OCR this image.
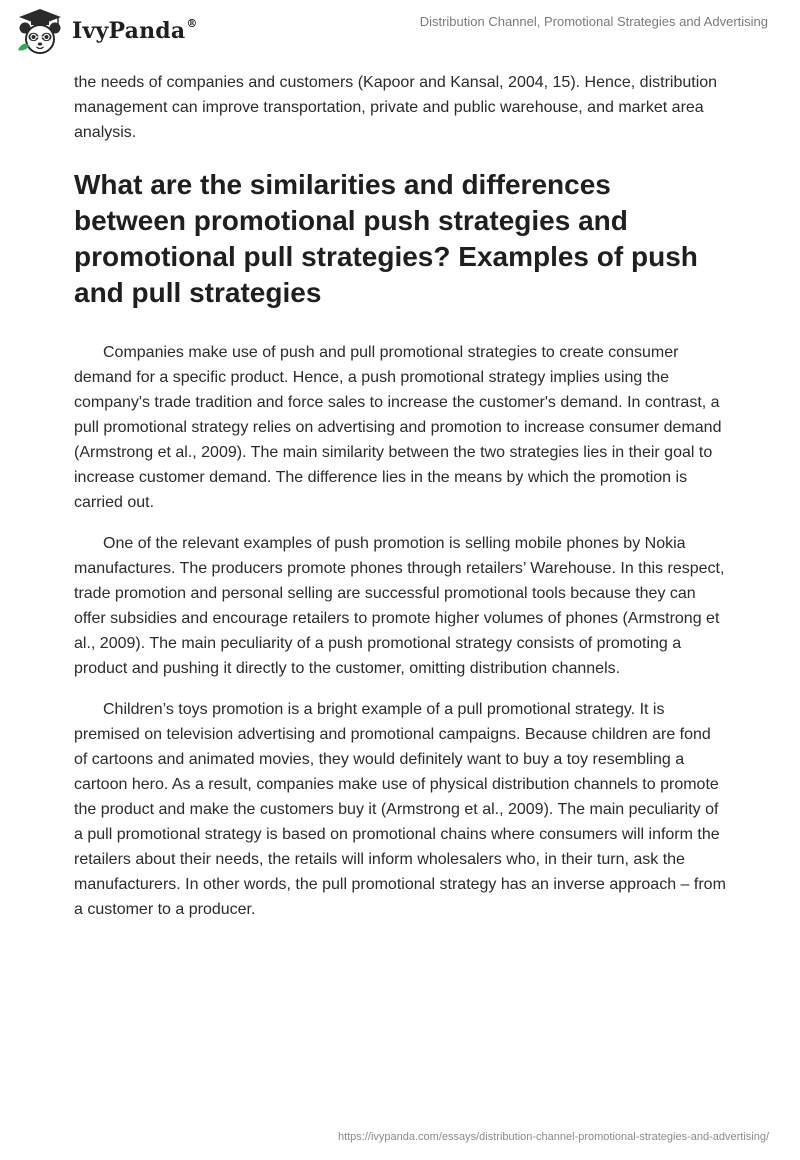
IvyPanda®	Distribution Channel, Promotional Strategies and Advertising

the needs of companies and customers (Kapoor and Kansal, 2004, 15). Hence, distribution management can improve transportation, private and public warehouse, and market area analysis.

What are the similarities and differences between promotional push strategies and promotional pull strategies? Examples of push and pull strategies

Companies make use of push and pull promotional strategies to create consumer demand for a specific product. Hence, a push promotional strategy implies using the company's trade tradition and force sales to increase the customer's demand. In contrast, a pull promotional strategy relies on advertising and promotion to increase consumer demand (Armstrong et al., 2009). The main similarity between the two strategies lies in their goal to increase customer demand. The difference lies in the means by which the promotion is carried out.

One of the relevant examples of push promotion is selling mobile phones by Nokia manufactures. The producers promote phones through retailers’ Warehouse. In this respect, trade promotion and personal selling are successful promotional tools because they can offer subsidies and encourage retailers to promote higher volumes of phones (Armstrong et al., 2009). The main peculiarity of a push promotional strategy consists of promoting a product and pushing it directly to the customer, omitting distribution channels.

Children’s toys promotion is a bright example of a pull promotional strategy. It is premised on television advertising and promotional campaigns. Because children are fond of cartoons and animated movies, they would definitely want to buy a toy resembling a cartoon hero. As a result, companies make use of physical distribution channels to promote the product and make the customers buy it (Armstrong et al., 2009). The main peculiarity of a pull promotional strategy is based on promotional chains where consumers will inform the retailers about their needs, the retails will inform wholesalers who, in their turn, ask the manufacturers. In other words, the pull promotional strategy has an inverse approach – from a customer to a producer.

https://ivypanda.com/essays/distribution-channel-promotional-strategies-and-advertising/
